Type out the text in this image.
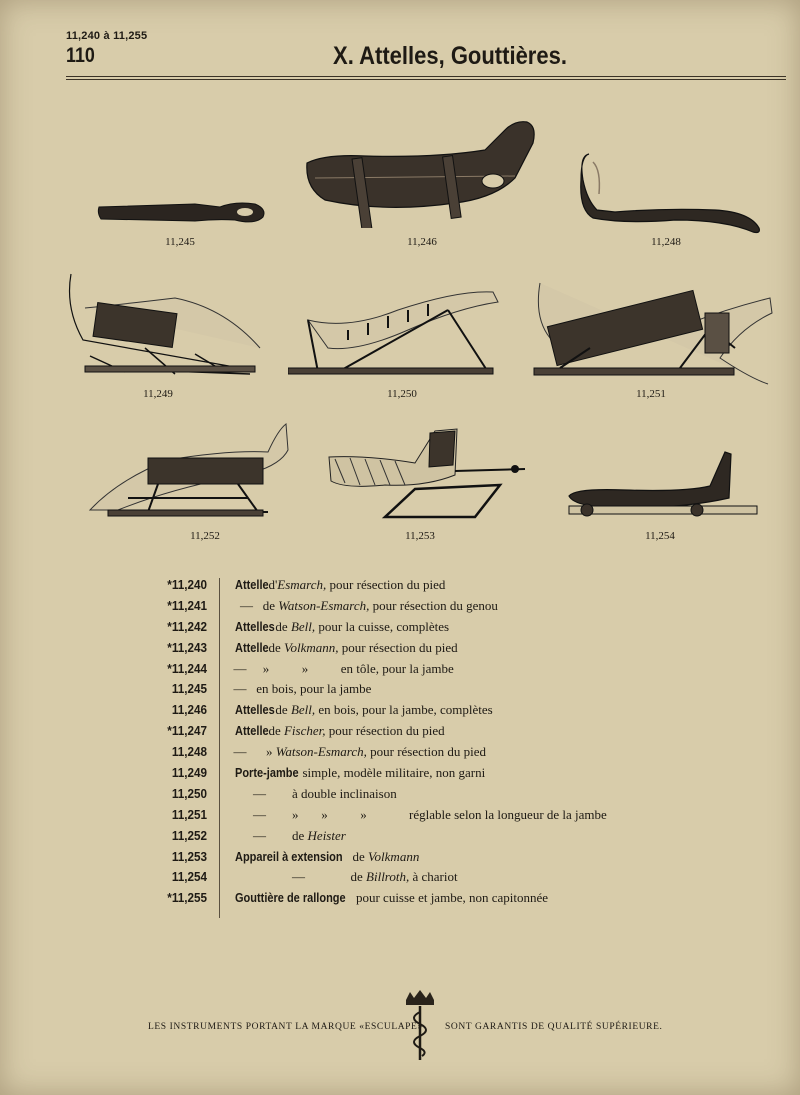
11,240 à 11,255
110	X. Attelles, Gouttières.
11,245	11,246	11,248
11,249	11,250	11,251
11,252	11,253	11,254
*11,240 Attelle d'Esmarch, pour résection du pied
*11,241 —   de Watson-Esmarch, pour résection du genou
*11,242 Attelles de Bell, pour la cuisse, complètes
*11,243 Attelle de Volkmann, pour résection du pied
*11,244 —     »          »          en tôle, pour la jambe
11,245 —   en bois, pour la jambe
11,246 Attelles de Bell, en bois, pour la jambe, complètes
*11,247 Attelle de Fischer, pour résection du pied
11,248 —      » Watson-Esmarch, pour résection du pied
11,249 Porte-jambe simple, modèle militaire, non garni
11,250 —        à double inclinaison
11,251 —        »       »          »             réglable selon la longueur de la jambe
11,252 —        de Heister
11,253 Appareil à extension de Volkmann
11,254 —              de Billroth, à chariot
*11,255 Gouttière de rallonge pour cuisse et jambe, non capitonnée
LES INSTRUMENTS PORTANT LA MARQUE «ESCULAPE» SONT GARANTIS DE QUALITÉ SUPÉRIEURE.
